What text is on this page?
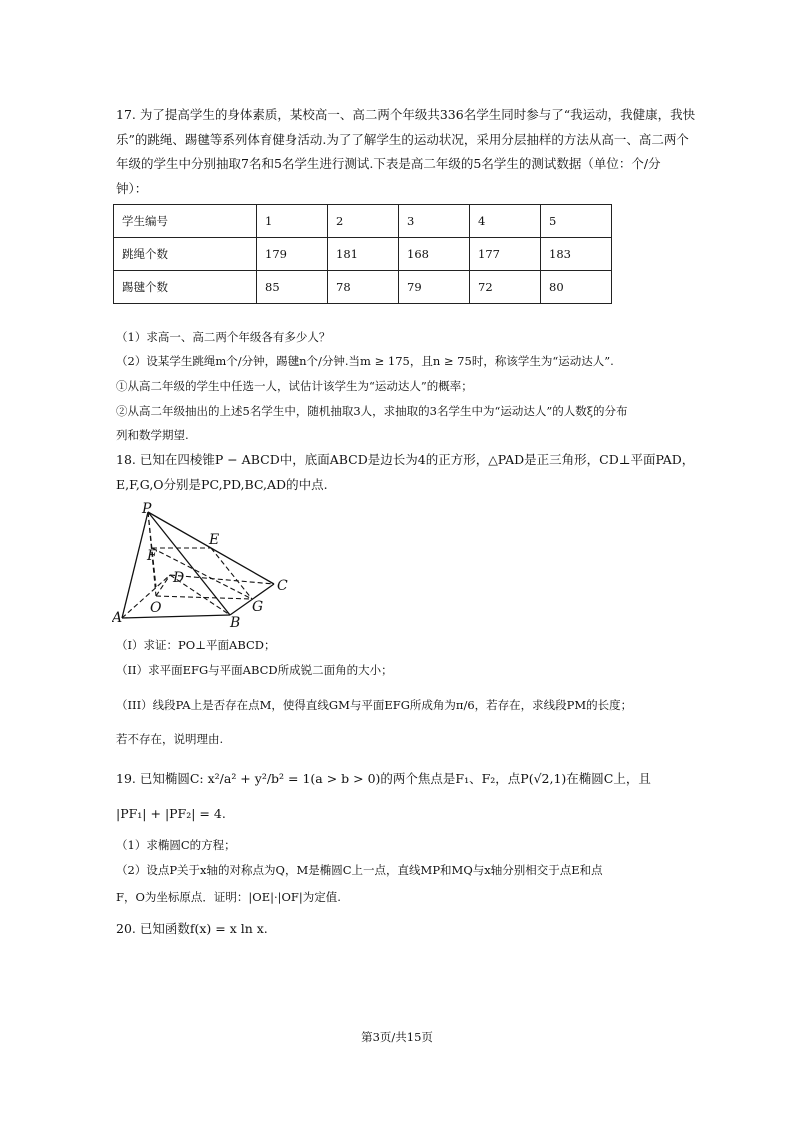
17. 为了提高学生的身体素质，某校高一、高二两个年级共336名学生同时参与了“我运动，我健康，我快
乐”的跳绳、踢毽等系列体育健身活动.为了了解学生的运动状况，采用分层抽样的方法从高一、高二两个
年级的学生中分别抽取7名和5名学生进行测试.下表是高二年级的5名学生的测试数据（单位：个/分
钟）：
学生编号	1	2	3	4	5
跳绳个数	179	181	168	177	183
踢毽个数	85	78	79	72	80
（1）求高一、高二两个年级各有多少人？
（2）设某学生跳绳m个/分钟，踢毽n个/分钟.当m ≥ 175，且n ≥ 75时，称该学生为“运动达人”.
①从高二年级的学生中任选一人，试估计该学生为“运动达人”的概率；
②从高二年级抽出的上述5名学生中，随机抽取3人，求抽取的3名学生中为“运动达人”的人数ξ的分布
列和数学期望.
18. 已知在四棱锥P − ABCD中，底面ABCD是边长为4的正方形，△PAD是正三角形，CD⊥平面PAD，
E,F,G,O分别是PC,PD,BC,AD的中点.
P
E
F
D	C
A
O	G
B
（I）求证：PO⊥平面ABCD；
（II）求平面EFG与平面ABCD所成锐二面角的大小；
（III）线段PA上是否存在点M，使得直线GM与平面EFG所成角为π/6，若存在，求线段PM的长度；
若不存在，说明理由.
19. 已知椭圆C: x²/a² + y²/b² = 1(a > b > 0)的两个焦点是F₁、F₂，点P(√2,1)在椭圆C上，且
|PF₁| + |PF₂| = 4.
（1）求椭圆C的方程；
（2）设点P关于x轴的对称点为Q，M是椭圆C上一点，直线MP和MQ与x轴分别相交于点E和点
F，O为坐标原点．证明：|OE|·|OF|为定值.
20. 已知函数f(x) = x ln x.
第3页/共15页
